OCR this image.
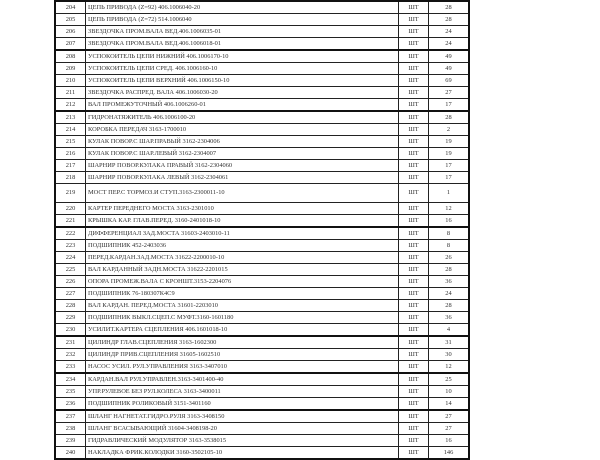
204	ЦЕПЬ ПРИВОДА (Z=92) 406.1006040-20	ШТ	28
205	ЦЕПЬ ПРИВОДА (Z=72) 514.1006040	ШТ	28
206	ЗВЕЗДОЧКА ПРОМ.ВАЛА ВЕД.406.1006035-01	ШТ	24
207	ЗВЕЗДОЧКА ПРОМ.ВАЛА ВЕД.406.1006018-01	ШТ	24
208	УСПОКОИТЕЛЬ ЦЕПИ НИЖНИЙ 406.1006170-10	ШТ	49
209	УСПОКОИТЕЛЬ ЦЕПИ СРЕД. 406.1006160-10	ШТ	49
210	УСПОКОИТЕЛЬ ЦЕПИ ВЕРХНИЙ 406.1006150-10	ШТ	69
211	ЗВЕЗДОЧКА РАСПРЕД. ВАЛА 406.1006030-20	ШТ	27
212	ВАЛ ПРОМЕЖУТОЧНЫЙ 406.1006260-01	ШТ	17
213	ГИДРОНАТЯЖИТЕЛЬ 406.1006100-20	ШТ	28
214	КОРОБКА ПЕРЕДАЧ 3163-1700010	ШТ	2
215	КУЛАК ПОВОР.С ШАР.ПРАВЫЙ 3162-2304006	ШТ	19
216	КУЛАК ПОВОР.С ШАР.ЛЕВЫЙ 3162-2304007	ШТ	19
217	ШАРНИР ПОВОР.КУЛАКА ПРАВЫЙ 3162-2304060	ШТ	17
218	ШАРНИР ПОВОР.КУЛАКА ЛЕВЫЙ 3162-2304061	ШТ	17
219	МОСТ ПЕР.С ТОРМОЗ.И СТУП.3163-2300011-10	ШТ	1
220	КАРТЕР ПЕРЕДНЕГО МОСТА 3163-2301010	ШТ	12
221	КРЫШКА КАР. ГЛАВ.ПЕРЕД. 3160-2401018-10	ШТ	16
222	ДИФФЕРЕНЦИАЛ ЗАД.МОСТА 31603-2403010-11	ШТ	8
223	ПОДШИПНИК 452-2403036	ШТ	8
224	ПЕРЕД.КАРДАН.ЗАД.МОСТА 31622-2200010-10	ШТ	26
225	ВАЛ КАРДАННЫЙ ЗАДН.МОСТА 31622-2201015	ШТ	28
226	ОПОРА ПРОМЕЖ.ВАЛА С КРОНШТ.3153-2204076	ШТ	36
227	ПОДШИПНИК 76-180307К4С9	ШТ	24
228	ВАЛ КАРДАН. ПЕРЕД.МОСТА 31601-2203010	ШТ	28
229	ПОДШИПНИК ВЫКЛ.СЦЕП.С МУФТ.3160-1601180	ШТ	36
230	УСИЛИТ.КАРТЕРА СЦЕПЛЕНИЯ 406.1601018-10	ШТ	4
231	ЦИЛИНДР ГЛАВ.СЦЕПЛЕНИЯ 3163-1602300	ШТ	31
232	ЦИЛИНДР ПРИВ.СЦЕПЛЕНИЯ 31605-1602510	ШТ	30
233	НАСОС УСИЛ. РУЛ.УПРАВЛЕНИЯ 3163-3407010	ШТ	12
234	КАРДАН.ВАЛ РУЛ.УПРАВЛЕН.3163-3401400-40	ШТ	25
235	УПР.РУЛЕВОЕ БЕЗ РУЛ.КОЛЕСА 3163-3400011	ШТ	10
236	ПОДШИПНИК РОЛИКОВЫЙ 3151-3401160	ШТ	14
237	ШЛАНГ НАГНЕТАТ.ГИДРО.РУЛЯ 3163-3408150	ШТ	27
238	ШЛАНГ ВСАСЫВАЮЩИЙ 31604-3408198-20	ШТ	27
239	ГИДРАВЛИЧЕСКИЙ МОДУЛЯТОР 3163-3538015	ШТ	16
240	НАКЛАДКА ФРИК.КОЛОДКИ 3160-3502105-10	ШТ	146
